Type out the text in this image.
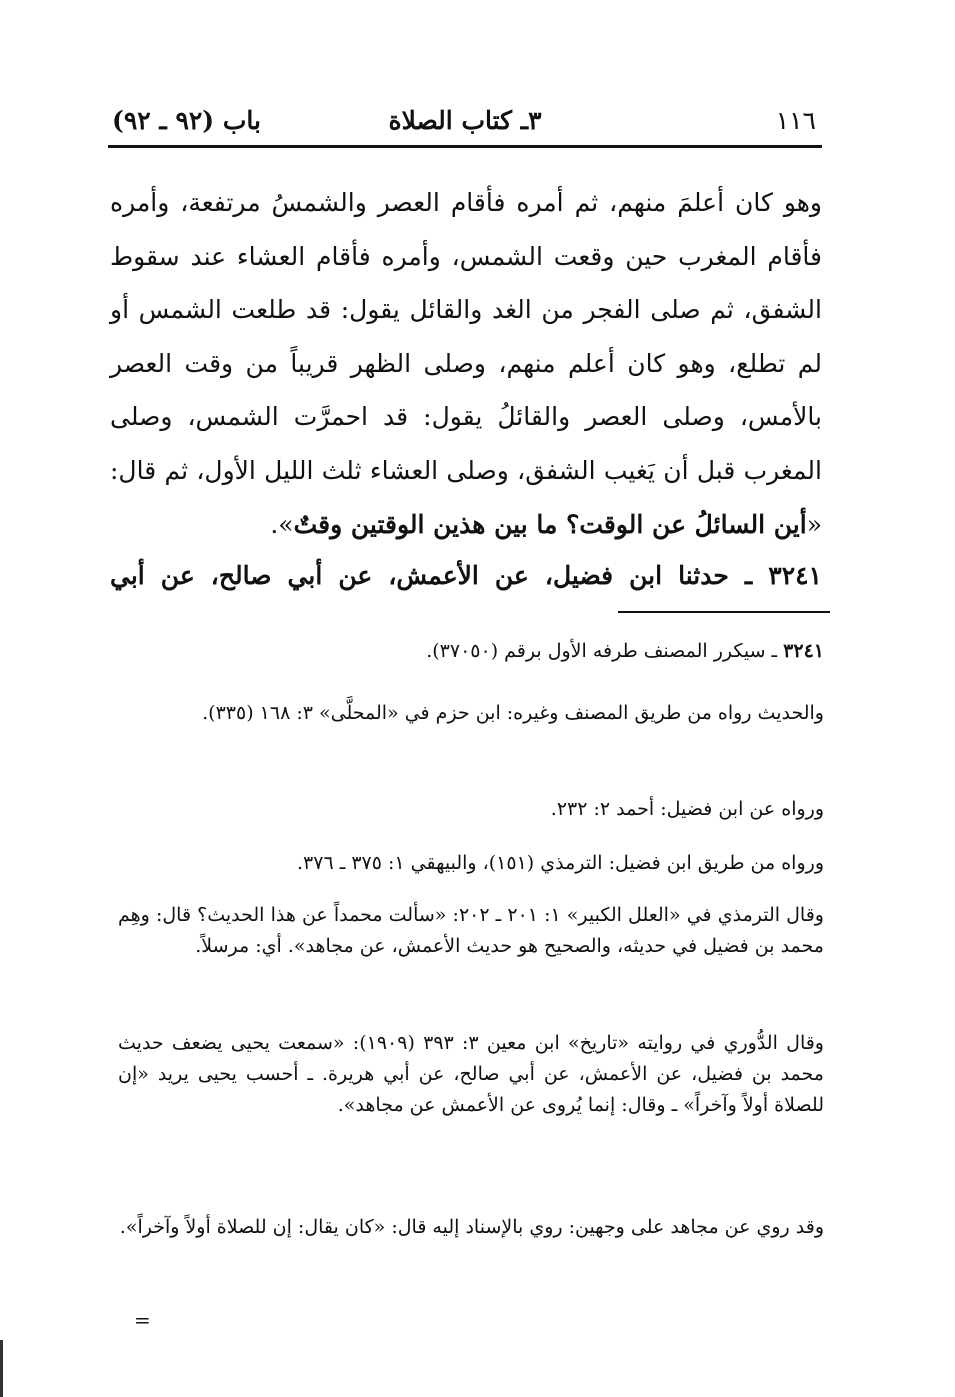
١١٦
٣ـ كتاب الصلاة
باب (٩٢ ـ ٩٢)
وهو كان أعلمَ منهم، ثم أمره فأقام العصر والشمسُ مرتفعة، وأمره فأقام المغرب حين وقعت الشمس، وأمره فأقام العشاء عند سقوط الشفق، ثم صلى الفجر من الغد والقائل يقول: قد طلعت الشمس أو لم تطلع، وهو كان أعلم منهم، وصلى الظهر قريباً من وقت العصر بالأمس، وصلى العصر والقائلُ يقول: قد احمرَّت الشمس، وصلى المغرب قبل أن يَغيب الشفق، وصلى العشاء ثلث الليل الأول، ثم قال: «أين السائلُ عن الوقت؟ ما بين هذين الوقتين وقتٌ».
٣٢٤١ ـ حدثنا ابن فضيل، عن الأعمش، عن أبي صالح، عن أبي
٣٢٤١ ـ سيكرر المصنف طرفه الأول برقم (٣٧٠٥٠).
والحديث رواه من طريق المصنف وغيره: ابن حزم في «المحلَّى» ٣: ١٦٨ (٣٣٥).
ورواه عن ابن فضيل: أحمد ٢: ٢٣٢.
ورواه من طريق ابن فضيل: الترمذي (١٥١)، والبيهقي ١: ٣٧٥ ـ ٣٧٦.
وقال الترمذي في «العلل الكبير» ١: ٢٠١ ـ ٢٠٢: «سألت محمداً عن هذا الحديث؟ قال: وهِم محمد بن فضيل في حديثه، والصحيح هو حديث الأعمش، عن مجاهد». أي: مرسلاً.
وقال الدُّوري في روايته «تاريخ» ابن معين ٣: ٣٩٣ (١٩٠٩): «سمعت يحيى يضعف حديث محمد بن فضيل، عن الأعمش، عن أبي صالح، عن أبي هريرة. ـ أحسب يحيى يريد «إن للصلاة أولاً وآخراً» ـ وقال: إنما يُروى عن الأعمش عن مجاهد».
وقد روي عن مجاهد على وجهين: روي بالإسناد إليه قال: «كان يقال: إن للصلاة أولاً وآخراً».
=
